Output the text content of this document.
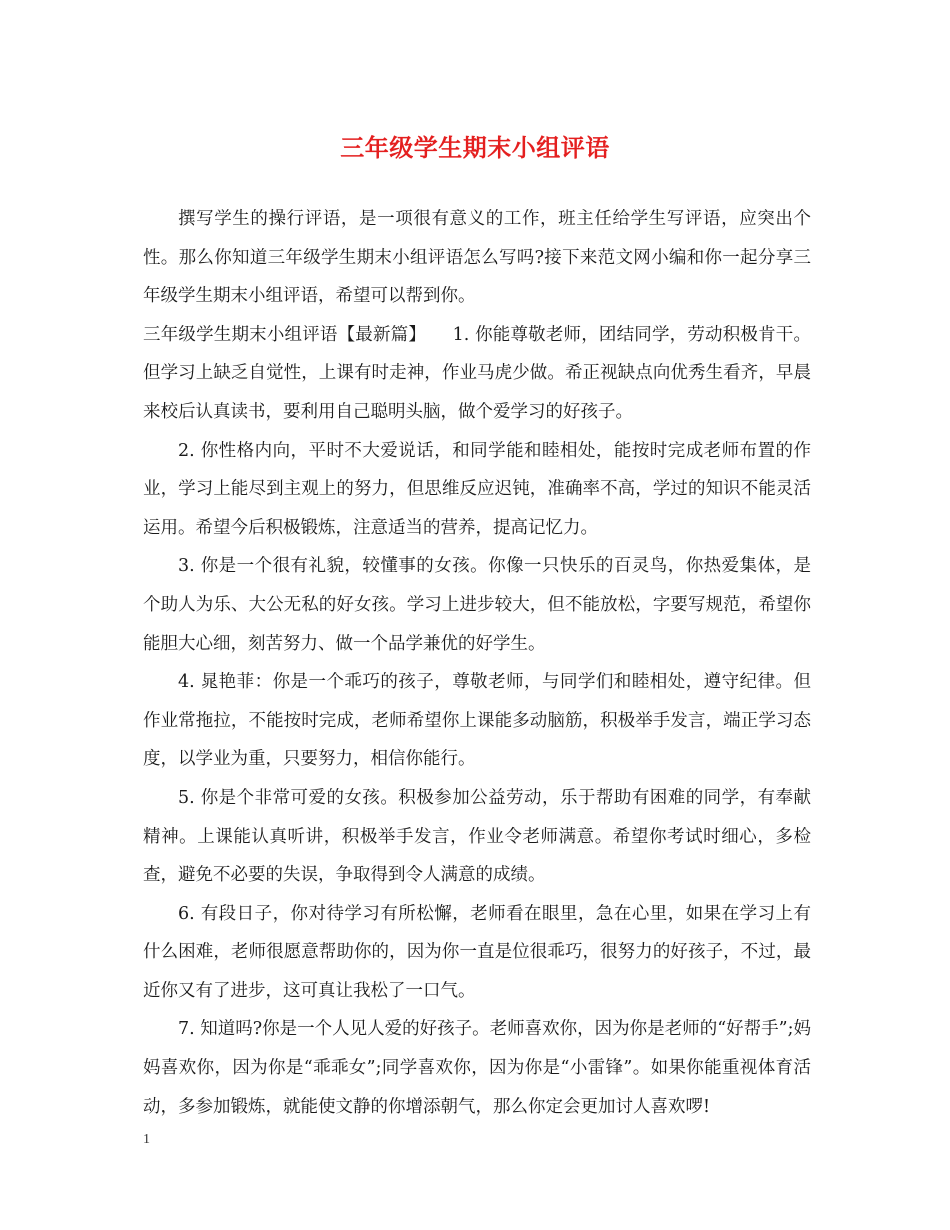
三年级学生期末小组评语

撰写学生的操行评语，是一项很有意义的工作，班主任给学生写评语，应突出个性。那么你知道三年级学生期末小组评语怎么写吗?接下来范文网小编和你一起分享三年级学生期末小组评语，希望可以帮到你。

三年级学生期末小组评语【最新篇】　　1. 你能尊敬老师，团结同学，劳动积极肯干。但学习上缺乏自觉性，上课有时走神，作业马虎少做。希正视缺点向优秀生看齐，早晨来校后认真读书，要利用自己聪明头脑，做个爱学习的好孩子。

2. 你性格内向，平时不大爱说话，和同学能和睦相处，能按时完成老师布置的作业，学习上能尽到主观上的努力，但思维反应迟钝，准确率不高，学过的知识不能灵活运用。希望今后积极锻炼，注意适当的营养，提高记忆力。

3. 你是一个很有礼貌，较懂事的女孩。你像一只快乐的百灵鸟，你热爱集体，是个助人为乐、大公无私的好女孩。学习上进步较大，但不能放松，字要写规范，希望你能胆大心细，刻苦努力、做一个品学兼优的好学生。

4. 晁艳菲：你是一个乖巧的孩子，尊敬老师，与同学们和睦相处，遵守纪律。但作业常拖拉，不能按时完成，老师希望你上课能多动脑筋，积极举手发言，端正学习态度，以学业为重，只要努力，相信你能行。

5. 你是个非常可爱的女孩。积极参加公益劳动，乐于帮助有困难的同学，有奉献精神。上课能认真听讲，积极举手发言，作业令老师满意。希望你考试时细心，多检查，避免不必要的失误，争取得到令人满意的成绩。

6. 有段日子，你对待学习有所松懈，老师看在眼里，急在心里，如果在学习上有什么困难，老师很愿意帮助你的，因为你一直是位很乖巧，很努力的好孩子，不过，最近你又有了进步，这可真让我松了一口气。

7. 知道吗?你是一个人见人爱的好孩子。老师喜欢你，因为你是老师的“好帮手”;妈妈喜欢你，因为你是“乖乖女”;同学喜欢你，因为你是“小雷锋”。如果你能重视体育活动，多参加锻炼，就能使文静的你增添朝气，那么你定会更加讨人喜欢啰!

1
